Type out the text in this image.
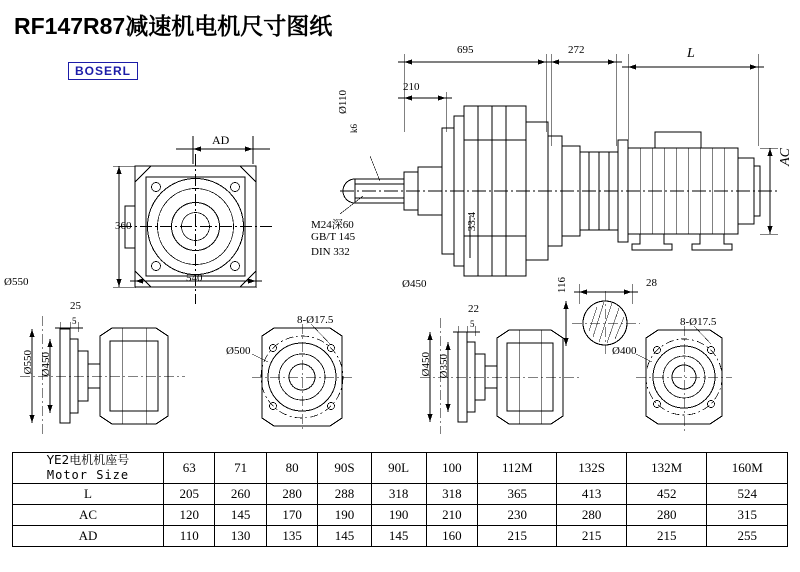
RF147R87减速机电机尺寸图纸
BOSERL
AD
360
540
695
210
272	L
AC
Ø110
k6
33.4
M24深60
GB/T 145
DIN 332
28
116
Ø550	Ø450
Ø550 Ø450
25
5
Ø500
8-Ø17.5
Ø450 Ø350
22
5
Ø400
8-Ø17.5
YE2电机机座号
Motor Size	63	71	80	90S	90L	100	112M	132S	132M	160M
L	205	260	280	288	318	318	365	413	452	524
AC	120	145	170	190	190	210	230	280	280	315
AD	110	130	135	145	145	160	215	215	215	255
